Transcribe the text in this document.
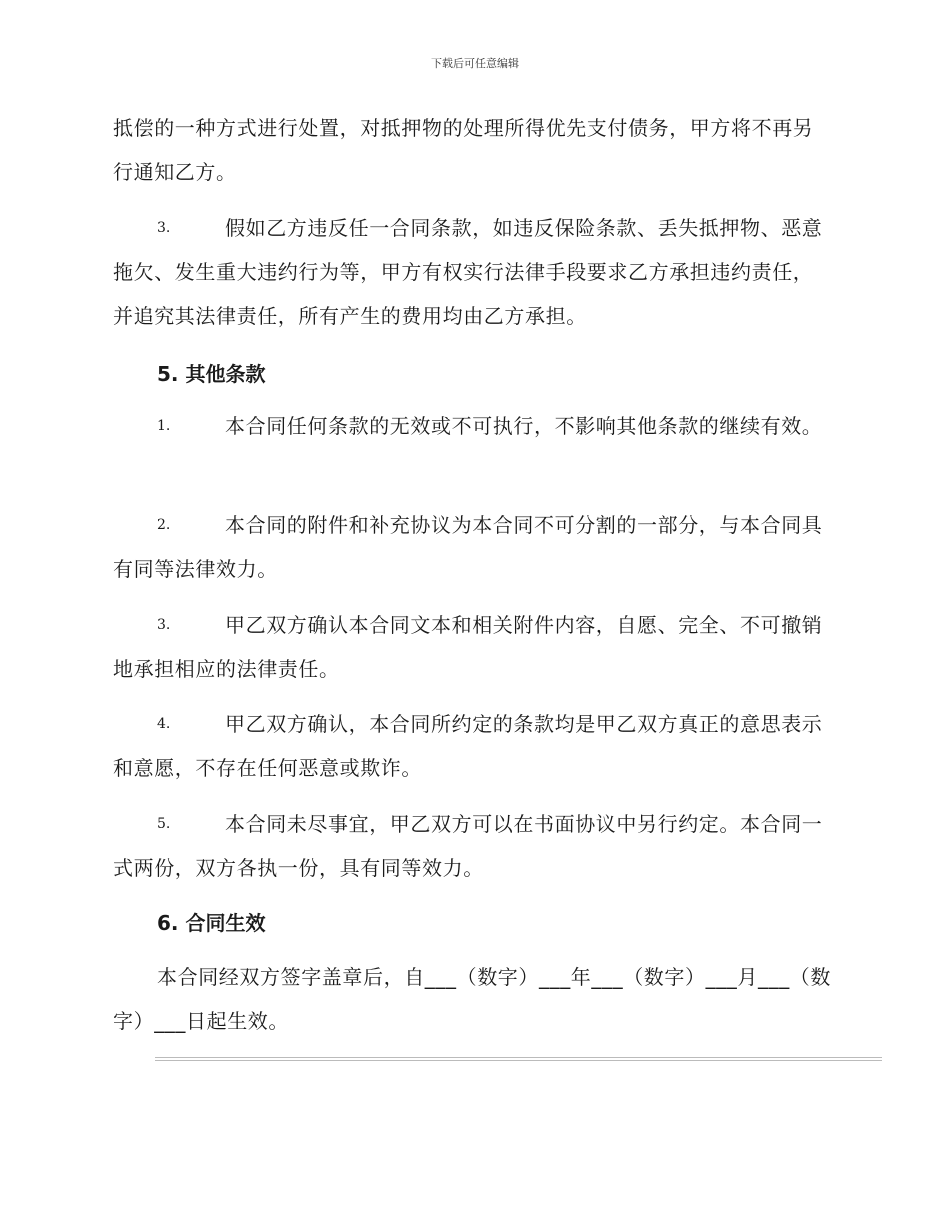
下载后可任意编辑

抵偿的一种方式进行处置，对抵押物的处理所得优先支付债务，甲方将不再另行通知乙方。

3.	假如乙方违反任一合同条款，如违反保险条款、丢失抵押物、恶意拖欠、发生重大违约行为等，甲方有权实行法律手段要求乙方承担违约责任，并追究其法律责任，所有产生的费用均由乙方承担。

5. 其他条款
1.	本合同任何条款的无效或不可执行，不影响其他条款的继续有效。

2.	本合同的附件和补充协议为本合同不可分割的一部分，与本合同具有同等法律效力。

3.	甲乙双方确认本合同文本和相关附件内容，自愿、完全、不可撤销地承担相应的法律责任。

4.	甲乙双方确认，本合同所约定的条款均是甲乙双方真正的意思表示和意愿，不存在任何恶意或欺诈。

5.	本合同未尽事宜，甲乙双方可以在书面协议中另行约定。本合同一式两份，双方各执一份，具有同等效力。

6. 合同生效

本合同经双方签字盖章后，自___（数字）___年___（数字）___月___（数字）___日起生效。
